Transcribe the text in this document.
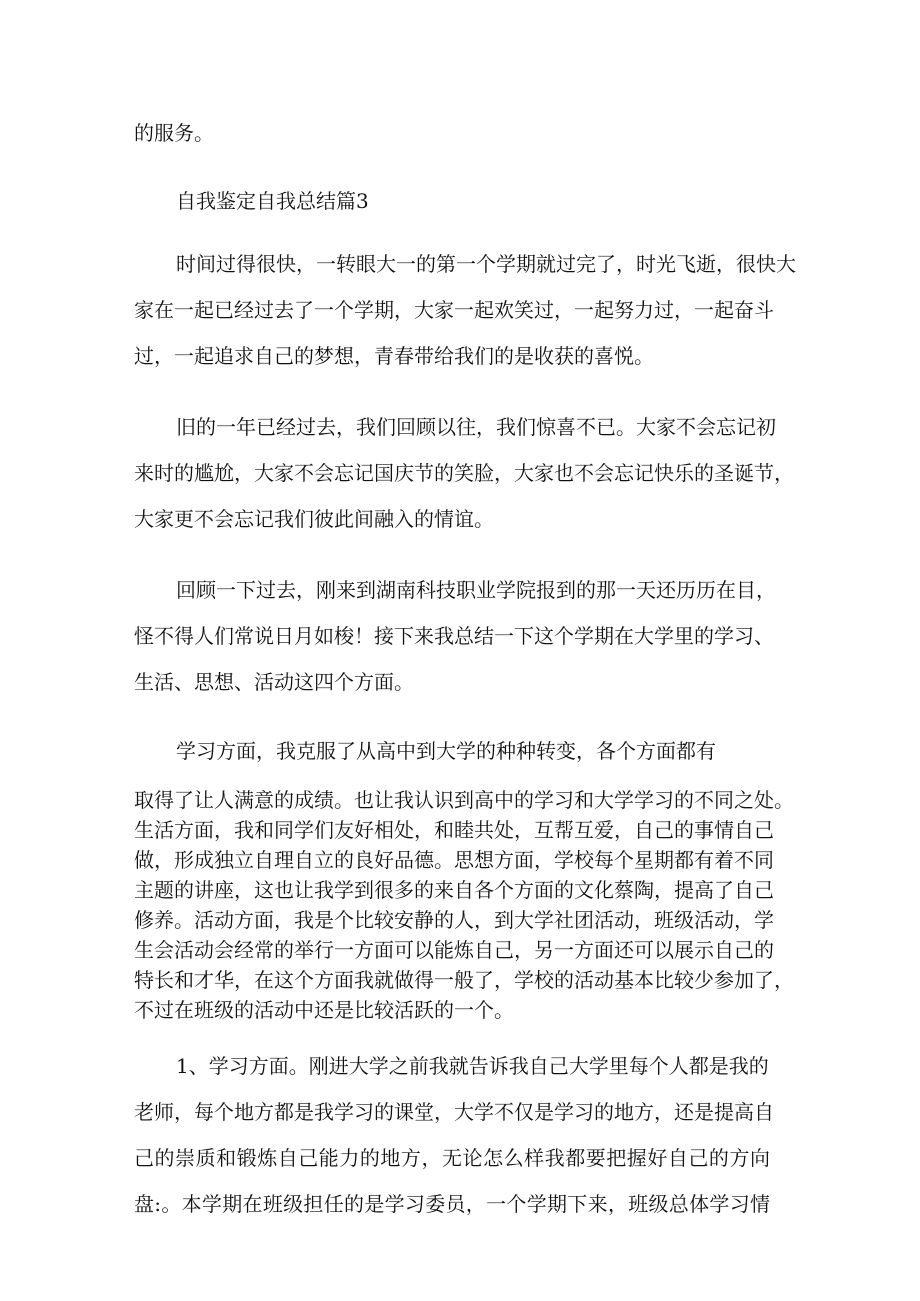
的服务。
自我鉴定自我总结篇3
时间过得很快，一转眼大一的第一个学期就过完了，时光飞逝，很快大
家在一起已经过去了一个学期，大家一起欢笑过，一起努力过，一起奋斗
过，一起追求自己的梦想，青春带给我们的是收获的喜悦。
旧的一年已经过去，我们回顾以往，我们惊喜不已。大家不会忘记初
来时的尴尬，大家不会忘记国庆节的笑脸，大家也不会忘记快乐的圣诞节，
大家更不会忘记我们彼此间融入的情谊。
回顾一下过去，刚来到湖南科技职业学院报到的那一天还历历在目，
怪不得人们常说日月如梭！接下来我总结一下这个学期在大学里的学习、
生活、思想、活动这四个方面。
学习方面，我克服了从高中到大学的种种转变，各个方面都有
取得了让人满意的成绩。也让我认识到高中的学习和大学学习的不同之处。
生活方面，我和同学们友好相处，和睦共处，互帮互爱，自己的事情自己
做，形成独立自理自立的良好品德。思想方面，学校每个星期都有着不同
主题的讲座，这也让我学到很多的来自各个方面的文化蔡陶，提高了自己
修养。活动方面，我是个比较安静的人，到大学社团活动，班级活动，学
生会活动会经常的举行一方面可以能炼自己，另一方面还可以展示自己的
特长和才华，在这个方面我就做得一般了，学校的活动基本比较少参加了，
不过在班级的活动中还是比较活跃的一个。
1、学习方面。刚进大学之前我就告诉我自己大学里每个人都是我的
老师，每个地方都是我学习的课堂，大学不仅是学习的地方，还是提高自
己的崇质和锻炼自己能力的地方，无论怎么样我都要把握好自己的方向
盘:。本学期在班级担任的是学习委员，一个学期下来，班级总体学习情
